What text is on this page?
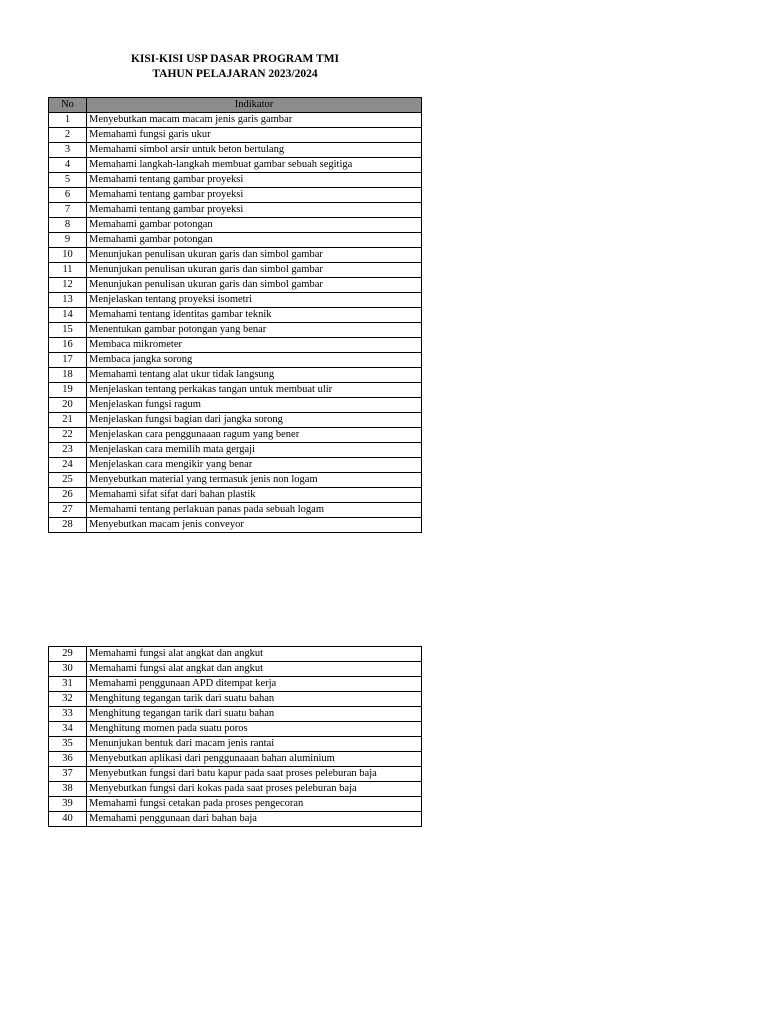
KISI-KISI USP DASAR PROGRAM TMI
TAHUN PELAJARAN 2023/2024
No	Indikator
1	Menyebutkan macam macam jenis garis gambar
2	Memahami fungsi garis ukur
3	Memahami simbol arsir untuk beton bertulang
4	Memahami langkah-langkah membuat gambar sebuah segitiga
5	Memahami tentang gambar proyeksi
6	Memahami tentang gambar proyeksi
7	Memahami tentang gambar proyeksi
8	Memahami gambar potongan
9	Memahami gambar potongan
10	Menunjukan penulisan ukuran garis dan simbol gambar
11	Menunjukan penulisan ukuran garis dan simbol gambar
12	Menunjukan penulisan ukuran garis dan simbol gambar
13	Menjelaskan tentang proyeksi isometri
14	Memahami tentang identitas gambar teknik
15	Menentukan gambar potongan yang benar
16	Membaca mikrometer
17	Membaca jangka sorong
18	Memahami tentang alat ukur tidak langsung
19	Menjelaskan tentang perkakas tangan untuk membuat ulir
20	Menjelaskan fungsi ragum
21	Menjelaskan fungsi bagian dari jangka sorong
22	Menjelaskan cara penggunaaan ragum yang bener
23	Menjelaskan cara memilih mata gergaji
24	Menjelaskan cara mengikir yang benar
25	Menyebutkan material yang termasuk jenis non logam
26	Memahami sifat sifat dari bahan plastik
27	Memahami tentang perlakuan panas pada sebuah logam
28	Menyebutkan macam jenis conveyor
29	Memahami fungsi alat angkat dan angkut
30	Memahami fungsi alat angkat dan angkut
31	Memahami penggunaan APD ditempat kerja
32	Menghitung tegangan tarik dari suatu bahan
33	Menghitung tegangan tarik dari suatu bahan
34	Menghitung momen pada suatu poros
35	Menunjukan bentuk dari macam jenis rantai
36	Menyebutkan aplikasi dari penggunaaan bahan aluminium
37	Menyebutkan fungsi dari batu kapur pada saat proses peleburan baja
38	Menyebutkan fungsi dari kokas pada saat proses peleburan baja
39	Memahami fungsi cetakan pada proses pengecoran
40	Memahami penggunaan dari bahan baja
